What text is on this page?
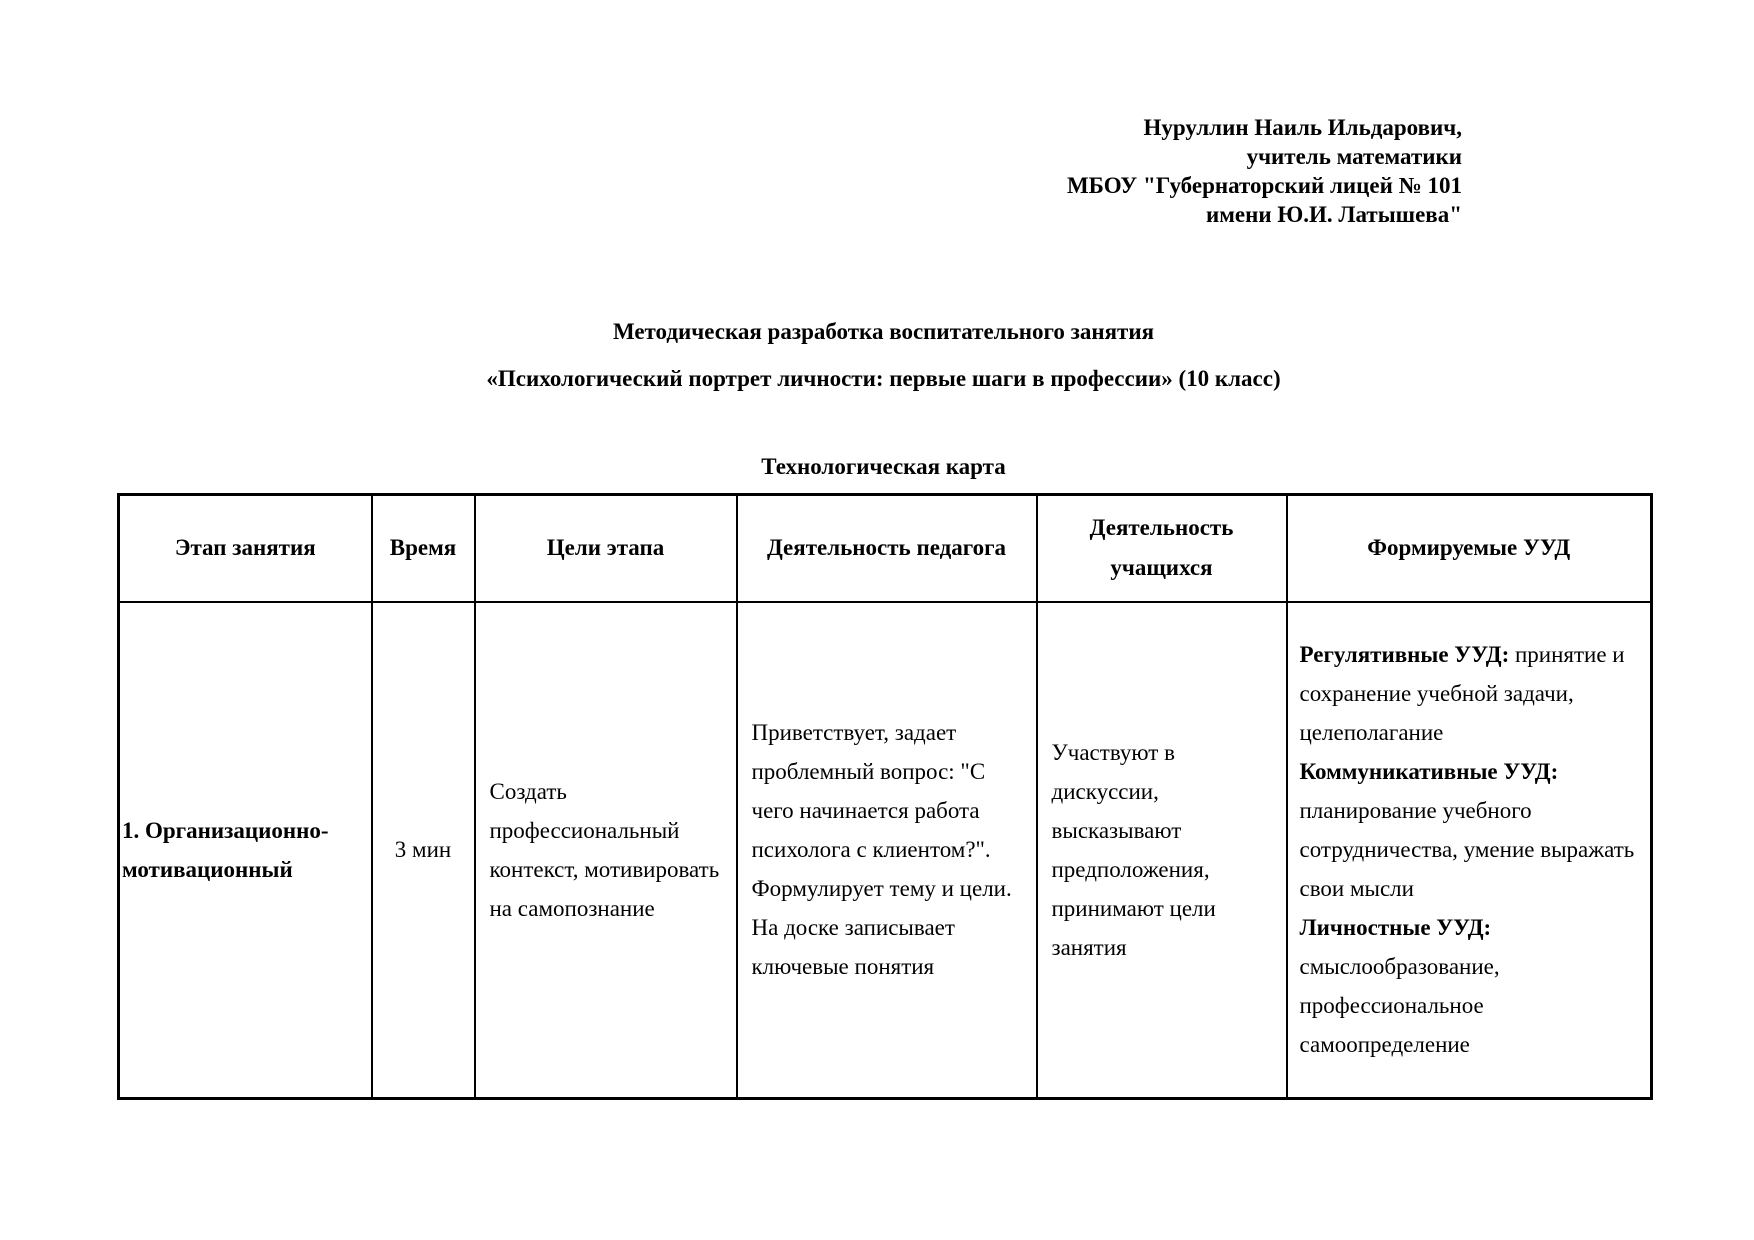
Нуруллин Наиль Ильдарович,
учитель математики
МБОУ "Губернаторский лицей № 101
имени Ю.И. Латышева"
Методическая разработка воспитательного занятия
«Психологический портрет личности: первые шаги в профессии» (10 класс)
Технологическая карта
Этап занятия	Время	Цели этапа	Деятельность педагога	Деятельность учащихся	Формируемые УУД
1. Организационно-мотивационный	3 мин	Создать профессиональный контекст, мотивировать на самопознание	Приветствует, задает проблемный вопрос: "С чего начинается работа психолога с клиентом?". Формулирует тему и цели. На доске записывает ключевые понятия	Участвуют в дискуссии, высказывают предположения, принимают цели занятия	Регулятивные УУД: принятие и сохранение учебной задачи, целеполагание

Коммуникативные УУД: планирование учебного сотрудничества, умение выражать свои мысли

Личностные УУД: смыслообразование, профессиональное самоопределение
